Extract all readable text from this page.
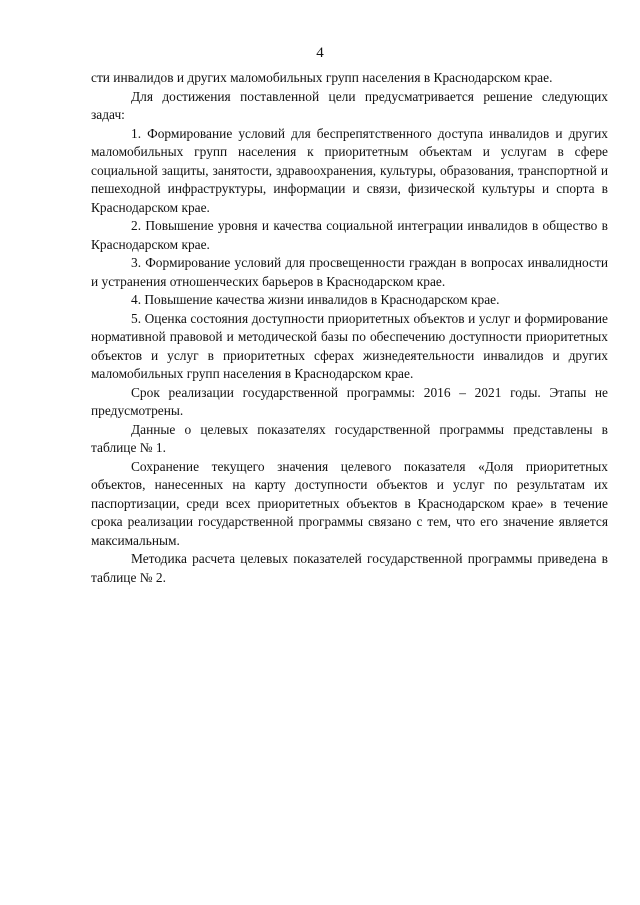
4

сти инвалидов и других маломобильных групп населения в Краснодарском крае.

Для достижения поставленной цели предусматривается решение следующих задач:

1. Формирование условий для беспрепятственного доступа инвалидов и других маломобильных групп населения к приоритетным объектам и услугам в сфере социальной защиты, занятости, здравоохранения, культуры, образования, транспортной и пешеходной инфраструктуры, информации и связи, физической культуры и спорта в Краснодарском крае.

2. Повышение уровня и качества социальной интеграции инвалидов в общество в Краснодарском крае.

3. Формирование условий для просвещенности граждан в вопросах инвалидности и устранения отношенческих барьеров в Краснодарском крае.

4. Повышение качества жизни инвалидов в Краснодарском крае.

5. Оценка состояния доступности приоритетных объектов и услуг и формирование нормативной правовой и методической базы по обеспечению доступности приоритетных объектов и услуг в приоритетных сферах жизнедеятельности инвалидов и других маломобильных групп населения в Краснодарском крае.

Срок реализации государственной программы: 2016 – 2021 годы. Этапы не предусмотрены.

Данные о целевых показателях государственной программы представлены в таблице № 1.

Сохранение текущего значения целевого показателя «Доля приоритетных объектов, нанесенных на карту доступности объектов и услуг по результатам их паспортизации, среди всех приоритетных объектов в Краснодарском крае» в течение срока реализации государственной программы связано с тем, что его значение является максимальным.

Методика расчета целевых показателей государственной программы приведена в таблице № 2.
